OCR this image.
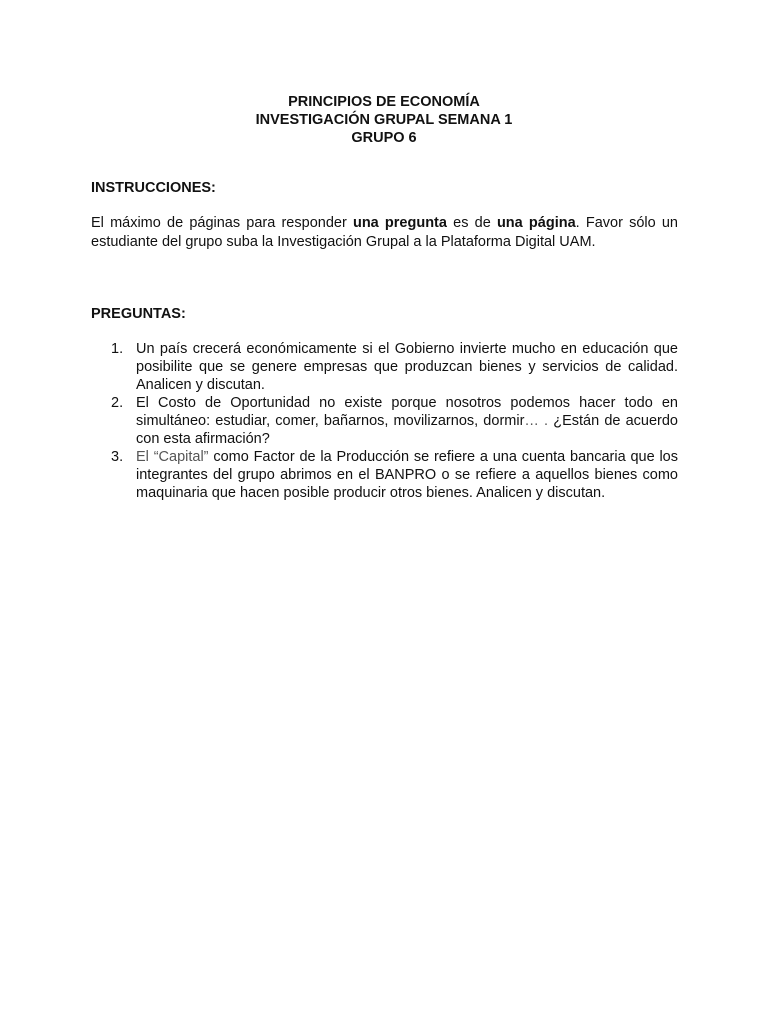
PRINCIPIOS DE ECONOMÍA
INVESTIGACIÓN GRUPAL SEMANA 1
GRUPO 6
INSTRUCCIONES:
El máximo de páginas para responder una pregunta es de una página. Favor sólo un estudiante del grupo suba la Investigación Grupal a la Plataforma Digital UAM.
PREGUNTAS:
1. Un país crecerá económicamente si el Gobierno invierte mucho en educación que posibilite que se genere empresas que produzcan bienes y servicios de calidad. Analicen y discutan.
2. El Costo de Oportunidad no existe porque nosotros podemos hacer todo en simultáneo: estudiar, comer, bañarnos, movilizarnos, dormir… . ¿Están de acuerdo con esta afirmación?
3. El “Capital” como Factor de la Producción se refiere a una cuenta bancaria que los integrantes del grupo abrimos en el BANPRO o se refiere a aquellos bienes como maquinaria que hacen posible producir otros bienes. Analicen y discutan.
